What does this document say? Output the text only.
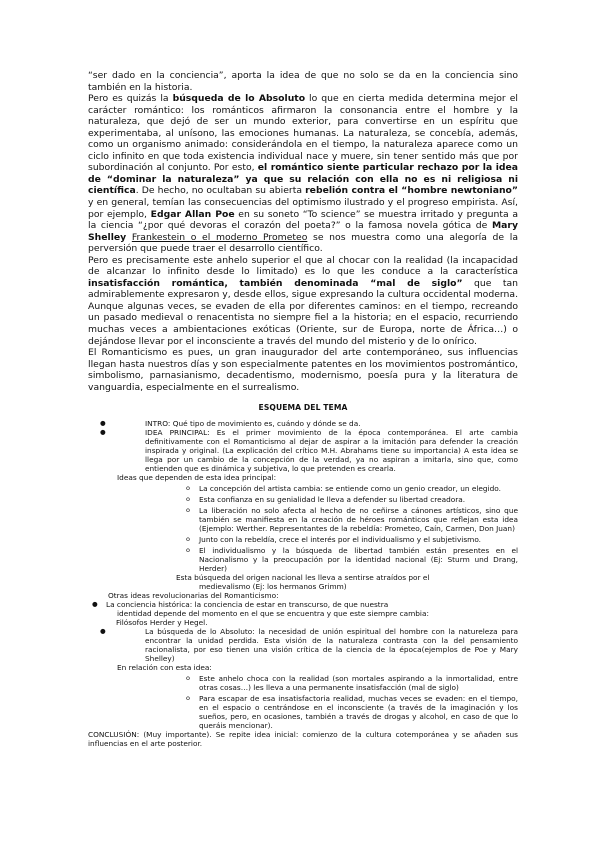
“ser dado en la conciencia”, aporta la idea de que no solo se da en la conciencia sino también en la historia.

Pero es quizás la búsqueda de lo Absoluto lo que en cierta medida determina mejor el carácter romántico: los románticos afirmaron la consonancia entre el hombre y la naturaleza, que dejó de ser un mundo exterior, para convertirse en un espíritu que experimentaba, al unísono, las emociones humanas. La naturaleza, se concebía, además, como un organismo animado: considerándola en el tiempo, la naturaleza aparece como un ciclo infinito en que toda existencia individual nace y muere, sin tener sentido más que por subordinación al conjunto. Por esto, el romántico siente particular rechazo por la idea de “dominar la naturaleza” ya que su relación con ella no es ni religiosa ni científica. De hecho, no ocultaban su abierta rebelión contra el “hombre newtoniano” y en general, temían las consecuencias del optimismo ilustrado y el progreso empirista. Así, por ejemplo, Edgar Allan Poe en su soneto “To science” se muestra irritado y pregunta a la ciencia “¿por qué devoras el corazón del poeta?” o la famosa novela gótica de Mary Shelley Frankestein o el moderno Prometeo se nos muestra como una alegoría de la perversión que puede traer el desarrollo científico.

Pero es precisamente este anhelo superior el que al chocar con la realidad (la incapacidad de alcanzar lo infinito desde lo limitado) es lo que les conduce a la característica insatisfacción romántica, también denominada “mal de siglo” que tan admirablemente expresaron y, desde ellos, sigue expresando la cultura occidental moderna. Aunque algunas veces, se evaden de ella por diferentes caminos: en el tiempo, recreando un pasado medieval o renacentista no siempre fiel a la historia; en el espacio, recurriendo muchas veces a ambientaciones exóticas (Oriente, sur de Europa, norte de África…) o dejándose llevar por el inconsciente a través del mundo del misterio y de lo onírico.

El Romanticismo es pues, un gran inaugurador del arte contemporáneo, sus influencias llegan hasta nuestros días y son especialmente patentes en los movimientos postromántico, simbolismo, parnasianismo, decadentismo, modernismo, poesía pura y la literatura de vanguardia, especialmente en el surrealismo.

ESQUEMA DEL TEMA
●	INTRO: Qué tipo de movimiento es, cuándo y dónde se da.
●	IDEA PRINCIPAL: Es el primer movimiento de la época contemporánea. El arte cambia definitivamente con el Romanticismo al dejar de aspirar a la imitación para defender la creación inspirada y original. (La explicación del crítico M.H. Abrahams tiene su importancia) A esta idea se llega por un cambio de la concepción de la verdad, ya no aspiran a imitarla, sino que, como entienden que es dinámica y subjetiva, lo que pretenden es crearla.
Ideas que dependen de esta idea principal:
o La concepción del artista cambia: se entiende como un genio creador, un elegido.
o Esta confianza en su genialidad le lleva a defender su libertad creadora.
o La liberación no solo afecta al hecho de no ceñirse a cánones artísticos, sino que también se manifiesta en la creación de héroes románticos que reflejan esta idea (Ejemplo: Werther. Representantes de la rebeldía: Prometeo, Caín, Carmen, Don Juan)
o Junto con la rebeldía, crece el interés por el individualismo y el subjetivismo.
o El individualismo y la búsqueda de libertad también están presentes en el Nacionalismo y la preocupación por la identidad nacional (Ej: Sturm und Drang, Herder)
Esta búsqueda del origen nacional les lleva a sentirse atraídos por el
medievalismo (Ej: los hermanos Grimm)
Otras ideas revolucionarias del Romanticismo:
● La conciencia histórica: la conciencia de estar en transcurso, de que nuestra
identidad depende del momento en el que se encuentra y que este siempre cambia:
Filósofos Herder y Hegel.
●	La búsqueda de lo Absoluto: la necesidad de unión espiritual del hombre con la natureleza para encontrar la unidad perdida. Esta visión de la naturaleza contrasta con la del pensamiento racionalista, por eso tienen una visión crítica de la ciencia de la época(ejemplos de Poe y Mary Shelley)
En relación con esta idea:
o Este anhelo choca con la realidad (son mortales aspirando a la inmortalidad, entre otras cosas…) les lleva a una permanente insatisfacción (mal de siglo)
o Para escapar de esa insatisfactoria realidad, muchas veces se evaden: en el tiempo, en el espacio o centrándose en el inconsciente (a través de la imaginación y los sueños, pero, en ocasiones, también a través de drogas y alcohol, en caso de que lo queráis mencionar).
CONCLUSIÓN: (Muy importante). Se repite idea inicial: comienzo de la cultura cotemporánea y se añaden sus influencias en el arte posterior.
